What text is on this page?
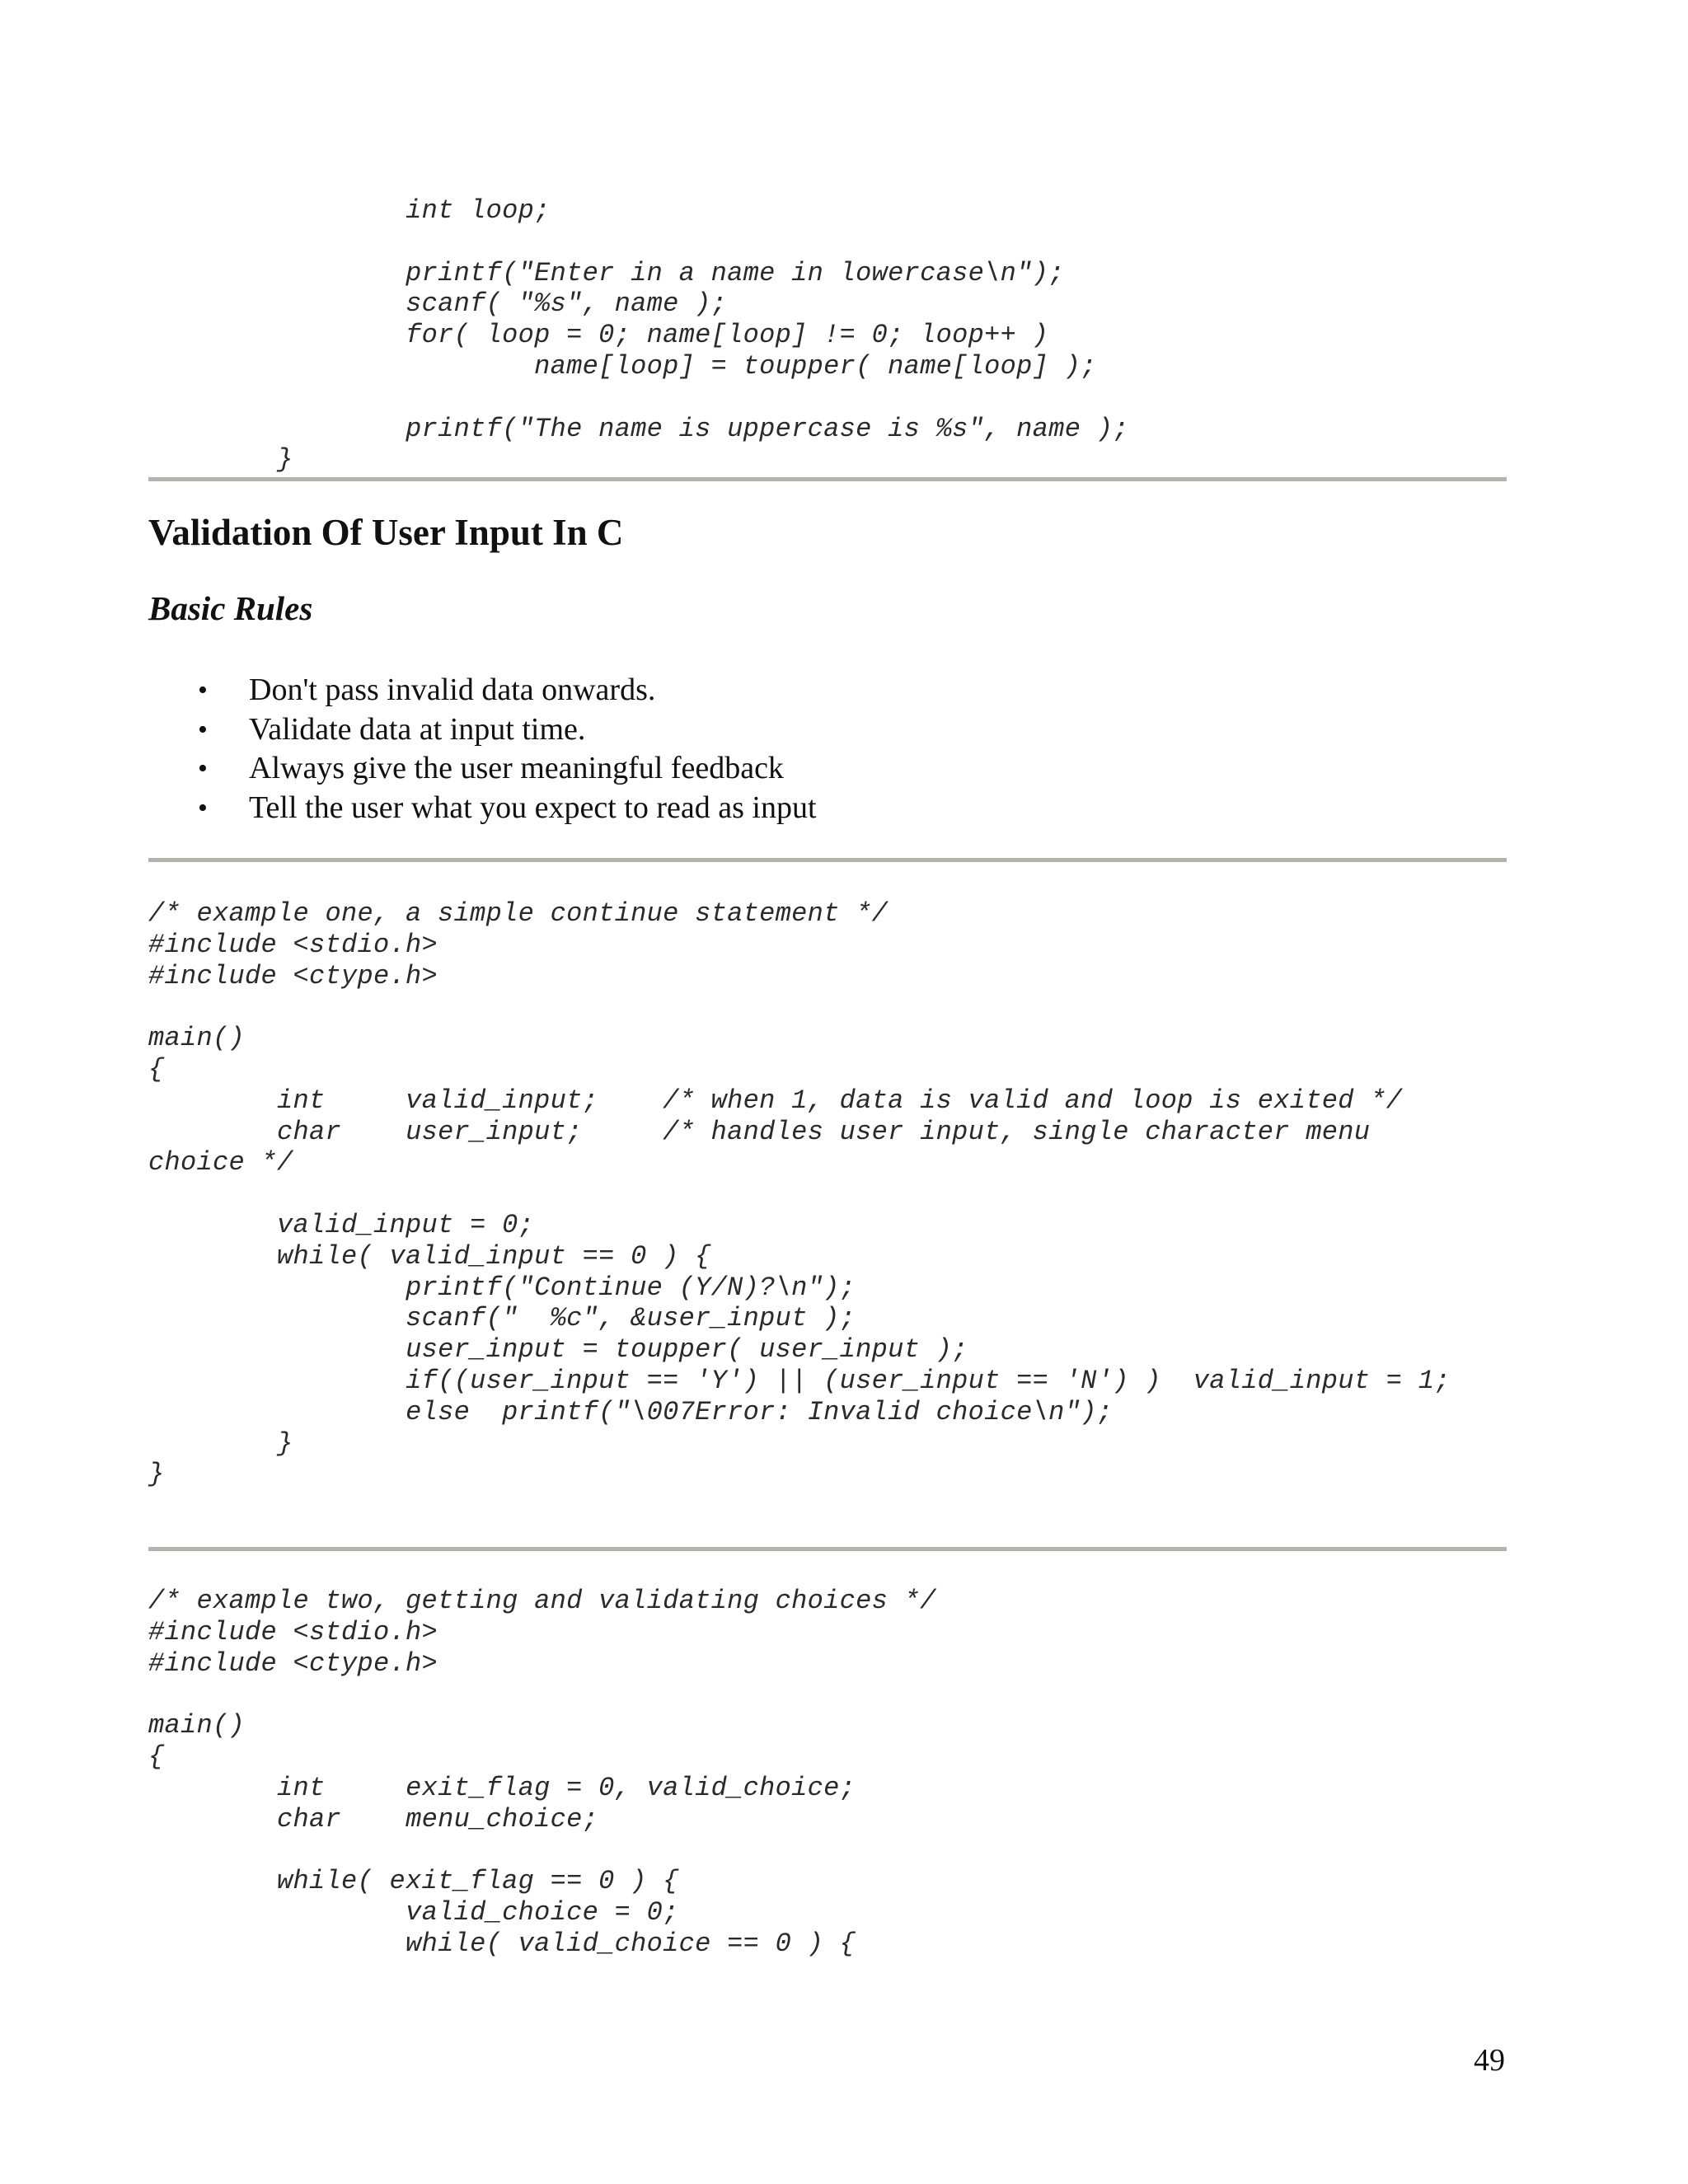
		int loop;

		printf("Enter in a name in lowercase\n");
		scanf( "%s", name );
		for( loop = 0; name[loop] != 0; loop++ )
			name[loop] = toupper( name[loop] );

		printf("The name is uppercase is %s", name );
	}
Validation Of User Input In C
Basic Rules
• Don't pass invalid data onwards.
• Validate data at input time.
• Always give the user meaningful feedback
• Tell the user what you expect to read as input
/* example one, a simple continue statement */
#include <stdio.h>
#include <ctype.h>

main()
{
	int	valid_input;	/* when 1, data is valid and loop is exited */
	char	user_input;	/* handles user input, single character menu
choice */

	valid_input = 0;
	while( valid_input == 0 ) {
		printf("Continue (Y/N)?\n");
		scanf("  %c", &user_input );
		user_input = toupper( user_input );
		if((user_input == 'Y') || (user_input == 'N') )  valid_input = 1;
		else  printf("\007Error: Invalid choice\n");
	}
}
/* example two, getting and validating choices */
#include <stdio.h>
#include <ctype.h>

main()
{
	int	exit_flag = 0, valid_choice;
	char	menu_choice;

	while( exit_flag == 0 ) {
		valid_choice = 0;
		while( valid_choice == 0 ) {
49
